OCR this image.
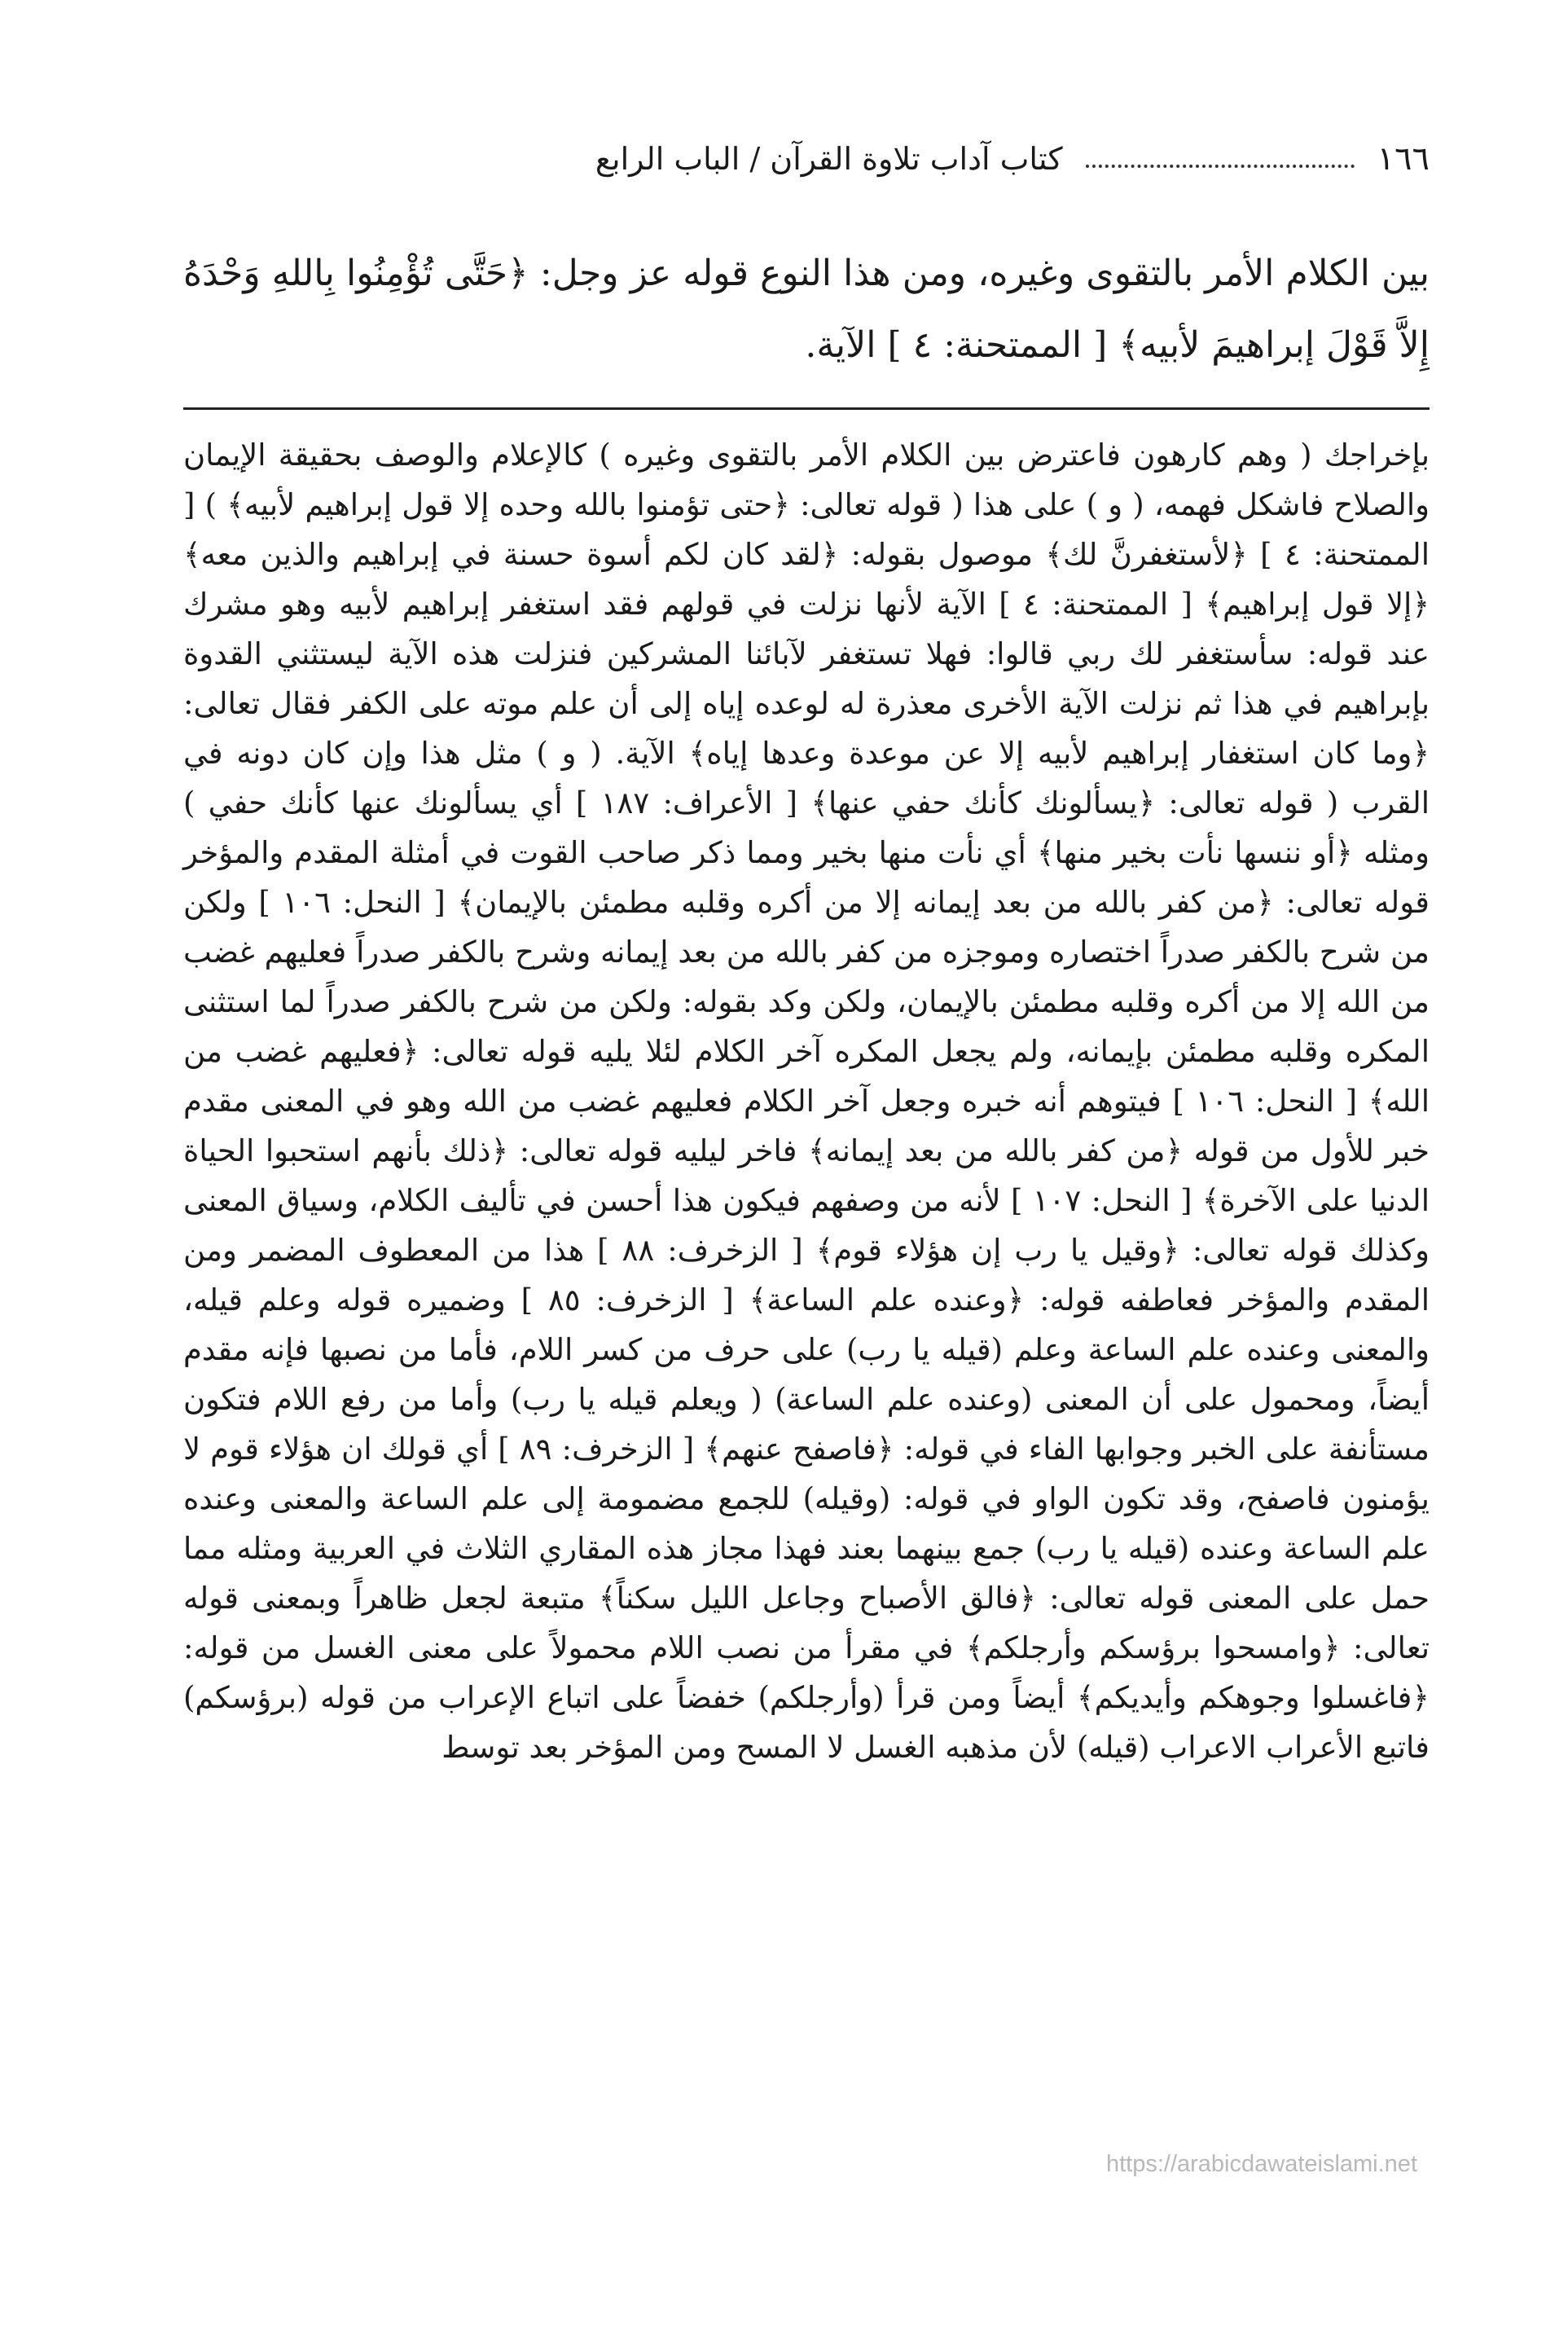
١٦٦
كتاب آداب تلاوة القرآن / الباب الرابع
بين الكلام الأمر بالتقوى وغيره، ومن هذا النوع قوله عز وجل: ﴿حَتَّى تُؤْمِنُوا بِاللهِ وَحْدَهُ إِلاَّ قَوْلَ إبراهيمَ لأبيه﴾ [ الممتحنة: ٤ ] الآية.

بإخراجك ( وهم كارهون فاعترض بين الكلام الأمر بالتقوى وغيره ) كالإعلام والوصف بحقيقة الإيمان والصلاح فاشكل فهمه، ( و ) على هذا ( قوله تعالى: ﴿حتى تؤمنوا بالله وحده إلا قول إبراهيم لأبيه﴾ ) [ الممتحنة: ٤ ] ﴿لأستغفرنَّ لك﴾ موصول بقوله: ﴿لقد كان لكم أسوة حسنة في إبراهيم والذين معه﴾ ﴿إلا قول إبراهيم﴾ [ الممتحنة: ٤ ] الآية لأنها نزلت في قولهم فقد استغفر إبراهيم لأبيه وهو مشرك عند قوله: سأستغفر لك ربي قالوا: فهلا تستغفر لآبائنا المشركين فنزلت هذه الآية ليستثني القدوة بإبراهيم في هذا ثم نزلت الآية الأخرى معذرة له لوعده إياه إلى أن علم موته على الكفر فقال تعالى: ﴿وما كان استغفار إبراهيم لأبيه إلا عن موعدة وعدها إياه﴾ الآية. ( و ) مثل هذا وإن كان دونه في القرب ( قوله تعالى: ﴿يسألونك كأنك حفي عنها﴾ [ الأعراف: ١٨٧ ] أي يسألونك عنها كأنك حفي ) ومثله ﴿أو ننسها نأت بخير منها﴾ أي نأت منها بخير ومما ذكر صاحب القوت في أمثلة المقدم والمؤخر قوله تعالى: ﴿من كفر بالله من بعد إيمانه إلا من أكره وقلبه مطمئن بالإيمان﴾ [ النحل: ١٠٦ ] ولكن من شرح بالكفر صدراً اختصاره وموجزه من كفر بالله من بعد إيمانه وشرح بالكفر صدراً فعليهم غضب من الله إلا من أكره وقلبه مطمئن بالإيمان، ولكن وكد بقوله: ولكن من شرح بالكفر صدراً لما استثنى المكره وقلبه مطمئن بإيمانه، ولم يجعل المكره آخر الكلام لئلا يليه قوله تعالى: ﴿فعليهم غضب من الله﴾ [ النحل: ١٠٦ ] فيتوهم أنه خبره وجعل آخر الكلام فعليهم غضب من الله وهو في المعنى مقدم خبر للأول من قوله ﴿من كفر بالله من بعد إيمانه﴾ فاخر ليليه قوله تعالى: ﴿ذلك بأنهم استحبوا الحياة الدنيا على الآخرة﴾ [ النحل: ١٠٧ ] لأنه من وصفهم فيكون هذا أحسن في تأليف الكلام، وسياق المعنى وكذلك قوله تعالى: ﴿وقيل يا رب إن هؤلاء قوم﴾ [ الزخرف: ٨٨ ] هذا من المعطوف المضمر ومن المقدم والمؤخر فعاطفه قوله: ﴿وعنده علم الساعة﴾ [ الزخرف: ٨٥ ] وضميره قوله وعلم قيله، والمعنى وعنده علم الساعة وعلم (قيله يا رب) على حرف من كسر اللام، فأما من نصبها فإنه مقدم أيضاً، ومحمول على أن المعنى (وعنده علم الساعة) ( ويعلم قيله يا رب) وأما من رفع اللام فتكون مستأنفة على الخبر وجوابها الفاء في قوله: ﴿فاصفح عنهم﴾ [ الزخرف: ٨٩ ] أي قولك ان هؤلاء قوم لا يؤمنون فاصفح، وقد تكون الواو في قوله: (وقيله) للجمع مضمومة إلى علم الساعة والمعنى وعنده علم الساعة وعنده (قيله يا رب) جمع بينهما بعند فهذا مجاز هذه المقاري الثلاث في العربية ومثله مما حمل على المعنى قوله تعالى: ﴿فالق الأصباح وجاعل الليل سكناً﴾ متبعة لجعل ظاهراً وبمعنى قوله تعالى: ﴿وامسحوا برؤسكم وأرجلكم﴾ في مقرأ من نصب اللام محمولاً على معنى الغسل من قوله: ﴿فاغسلوا وجوهكم وأيديكم﴾ أيضاً ومن قرأ (وأرجلكم) خفضاً على اتباع الإعراب من قوله (برؤسكم) فاتبع الأعراب الاعراب (قيله) لأن مذهبه الغسل لا المسح ومن المؤخر بعد توسط

https://arabicdawateislami.net
